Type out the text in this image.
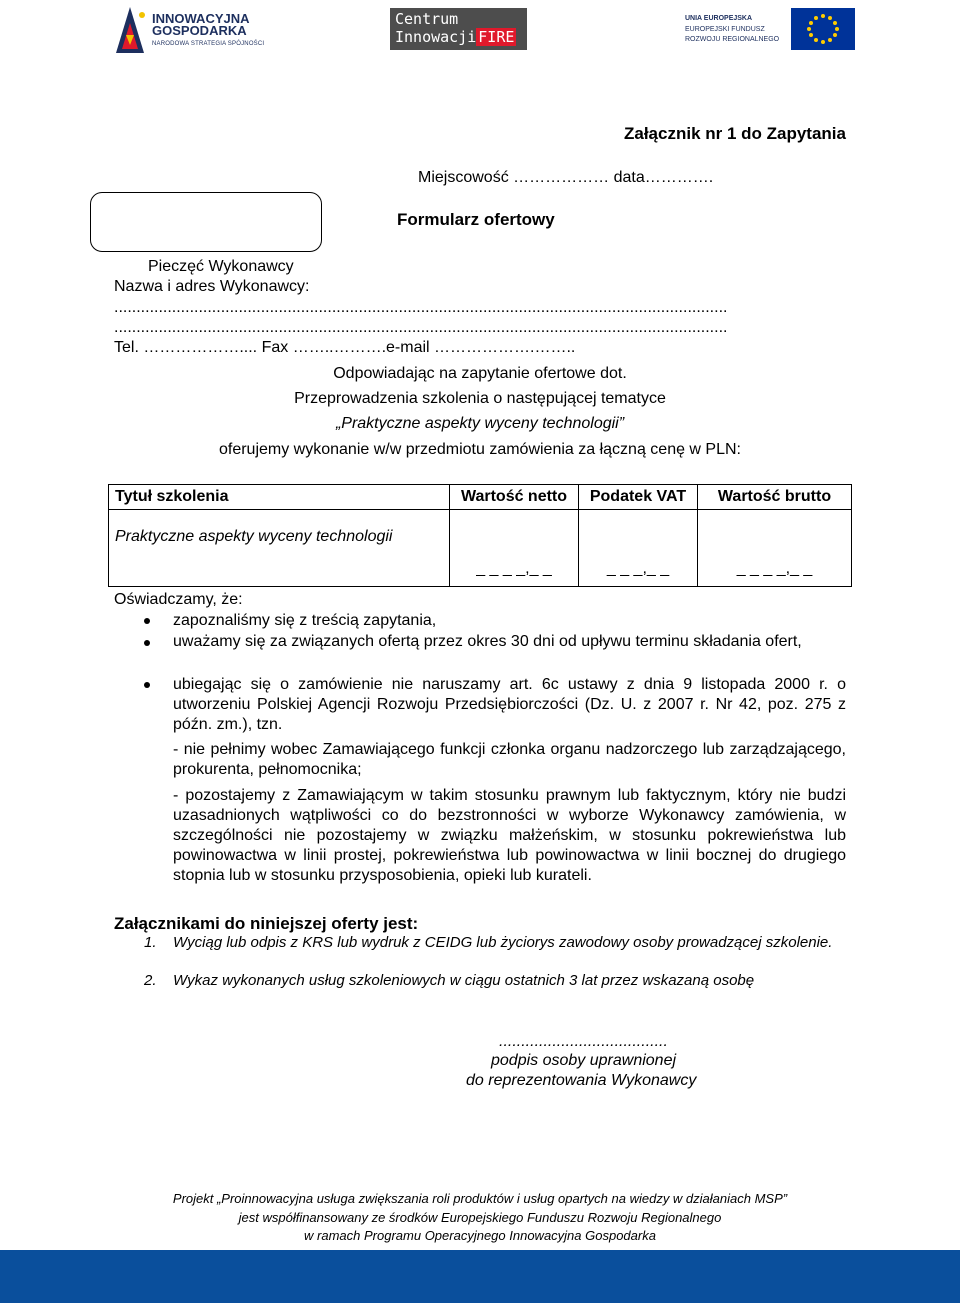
INNOWACYJNA
GOSPODARKA
NARODOWA STRATEGIA SPÓJNOŚCI
Centrum
Innowacji FIRE
UNIA EUROPEJSKA
EUROPEJSKI FUNDUSZ
ROZWOJU REGIONALNEGO
Załącznik nr 1 do Zapytania
Miejscowość ……………… data………….
Formularz ofertowy
Pieczęć Wykonawcy
Nazwa i adres Wykonawcy:
..........................................................................................................................................
..........................................................................................................................................
Tel. ……………….... Fax ……..……….e-mail ……………….……..
Odpowiadając na zapytanie ofertowe dot.
Przeprowadzenia szkolenia o następującej tematyce
„Praktyczne aspekty wyceny technologii”
oferujemy wykonanie w/w przedmiotu zamówienia za łączną cenę w PLN:
Tytuł szkolenia	Wartość netto	Podatek VAT	Wartość brutto
Praktyczne aspekty wyceny technologii	_ _ _ _,_ _	_ _ _,_ _	_ _ _ _,_ _
Oświadczamy, że:
zapoznaliśmy się z treścią zapytania,
uważamy się za związanych ofertą przez okres 30 dni od upływu terminu składania ofert,
ubiegając się o zamówienie nie naruszamy art. 6c ustawy z dnia 9 listopada 2000 r. o utworzeniu Polskiej Agencji Rozwoju Przedsiębiorczości (Dz. U. z 2007 r. Nr 42, poz. 275 z późn. zm.), tzn.
- nie pełnimy wobec Zamawiającego funkcji członka organu nadzorczego lub zarządzającego, prokurenta, pełnomocnika;
- pozostajemy z Zamawiającym w takim stosunku prawnym lub faktycznym, który nie budzi uzasadnionych wątpliwości co do bezstronności w wyborze Wykonawcy zamówienia, w szczególności nie pozostajemy w związku małżeńskim, w stosunku pokrewieństwa lub powinowactwa w linii prostej, pokrewieństwa lub powinowactwa w linii bocznej do drugiego stopnia lub w stosunku przysposobienia, opieki lub kurateli.
Załącznikami do niniejszej oferty jest:
1. Wyciąg lub odpis z KRS lub wydruk z CEIDG lub życiorys zawodowy osoby prowadzącej szkolenie.
2. Wykaz wykonanych usług szkoleniowych w ciągu ostatnich 3 lat przez wskazaną osobę
......................................
podpis osoby uprawnionej
do reprezentowania Wykonawcy
Projekt „Proinnowacyjna usługa zwiększania roli produktów i usług opartych na wiedzy w działaniach MSP”
jest współfinansowany ze środków Europejskiego Funduszu Rozwoju Regionalnego
w ramach Programu Operacyjnego Innowacyjna Gospodarka
